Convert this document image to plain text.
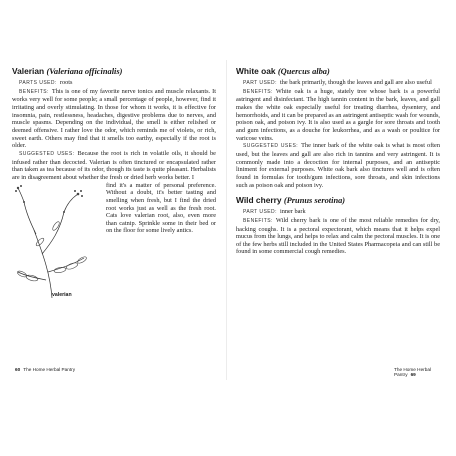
Valerian (Valeriana officinalis)

PARTS USED: roots

BENEFITS: This is one of my favorite nerve tonics and muscle relaxants. It works very well for some people; a small percentage of people, however, find it irritating and overly stimulating. In those for whom it works, it is effective for insomnia, pain, restlessness, headaches, digestive problems due to nerves, and muscle spasms. Depending on the individual, the smell is either relished or deemed offensive. I rather love the odor, which reminds me of violets, or rich, sweet earth. Others may find that it smells too earthy, especially if the root is older.

SUGGESTED USES: Because the root is rich in volatile oils, it should be infused rather than decocted. Valerian is often tinctured or encapsulated rather than taken as tea because of its odor, though its taste is quite pleasant. Herbalists are in disagreement about whether the fresh or dried herb works better. I

valerian

find it's a matter of personal preference. Without a doubt, it's better tasting and smelling when fresh, but I find the dried root works just as well as the fresh root. Cats love valerian root, also, even more than catnip. Sprinkle some in their bed or on the floor for some lively antics.

60 The Home Herbal Pantry
White oak (Quercus alba)

PART USED: the bark primarily, though the leaves and gall are also useful

BENEFITS: White oak is a huge, stately tree whose bark is a powerful astringent and disinfectant. The high tannin content in the bark, leaves, and gall makes the white oak especially useful for treating diarrhea, dysentery, and hemorrhoids, and it can be prepared as an astringent antiseptic wash for wounds, poison oak, and poison ivy. It is also used as a gargle for sore throats and tooth and gum infections, as a douche for leukorrhea, and as a wash or poultice for varicose veins.

SUGGESTED USES: The inner bark of the white oak is what is most often used, but the leaves and gall are also rich in tannins and very astringent. It is commonly made into a decoction for internal purposes, and an antiseptic liniment for external purposes. White oak bark also tinctures well and is often found in formulas for tooth/gum infections, sore throats, and skin infections such as poison oak and poison ivy.

Wild cherry (Prunus serotina)

PART USED: inner bark

BENEFITS: Wild cherry bark is one of the most reliable remedies for dry, hacking coughs. It is a pectoral expectorant, which means that it helps expel mucus from the lungs, and helps to relax and calm the pectoral muscles. It is one of the few herbs still included in the United States Pharmacopeia and can still be found in some commercial cough remedies.

The Home Herbal Pantry 69
